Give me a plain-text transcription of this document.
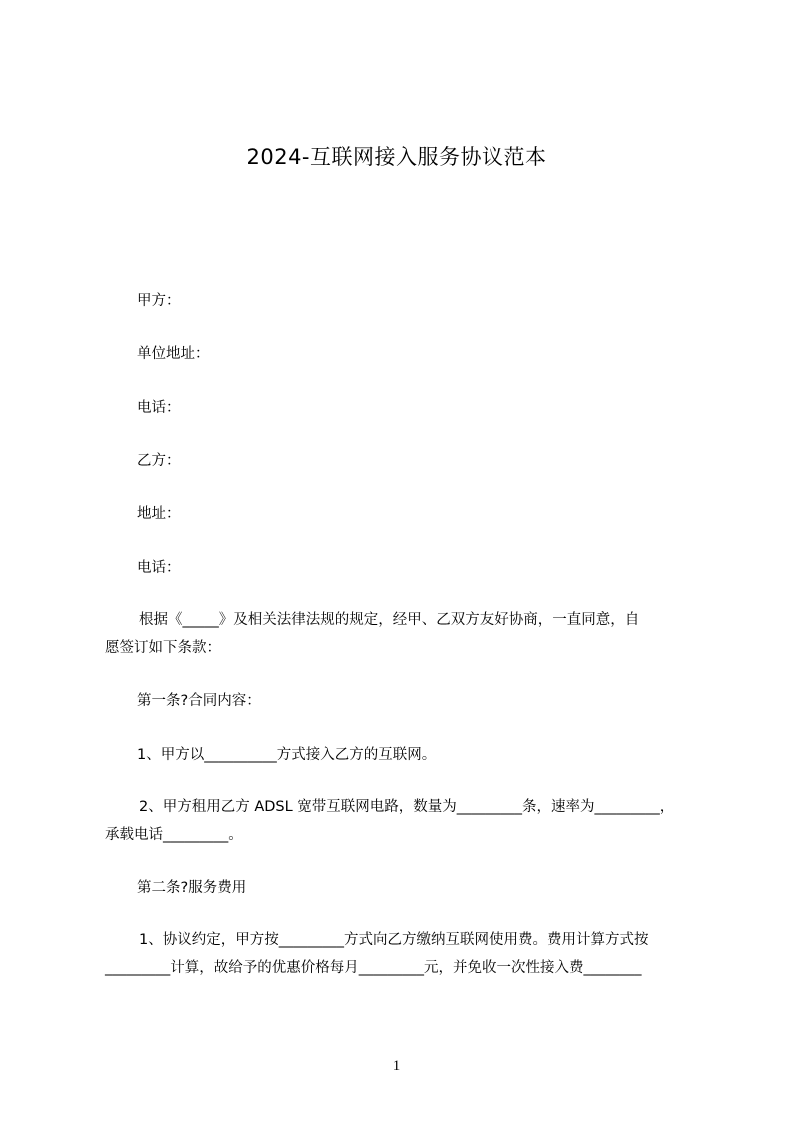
2024-互联网接入服务协议范本
甲方：
单位地址：
电话：
乙方：
地址：
电话：
根据《_____》及相关法律法规的规定，经甲、乙双方友好协商，一直同意，自
愿签订如下条款：
第一条?合同内容：
1、甲方以__________方式接入乙方的互联网。
2、甲方租用乙方 ADSL 宽带互联网电路，数量为_________条，速率为_________，
承载电话_________。
第二条?服务费用
1、协议约定，甲方按_________方式向乙方缴纳互联网使用费。费用计算方式按
_________计算，故给予的优惠价格每月_________元，并免收一次性接入费________
1
